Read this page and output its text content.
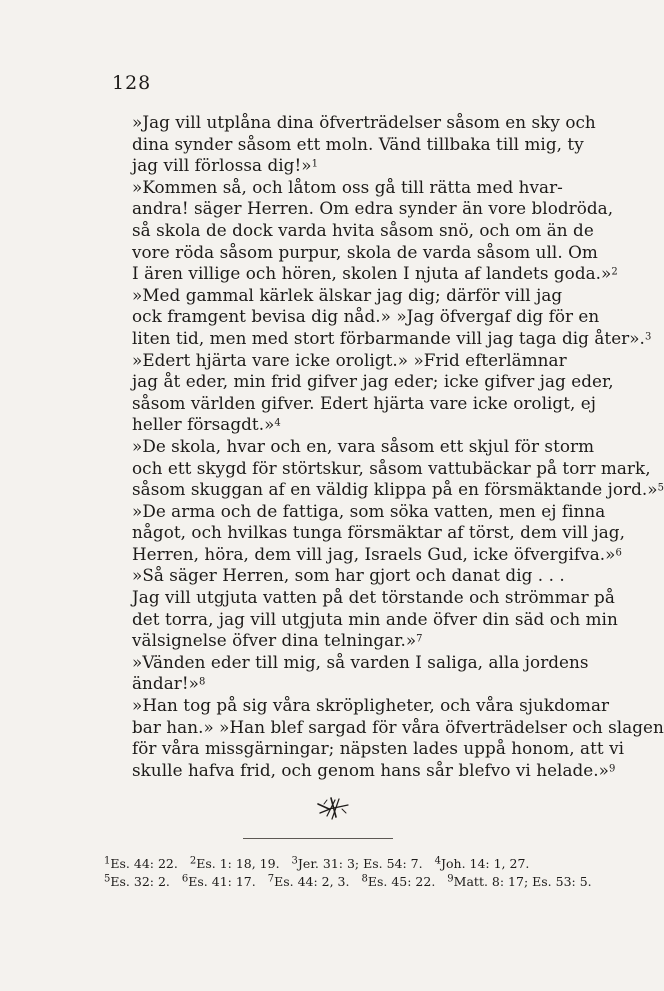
128

»Jag vill utplåna dina öfverträdelser såsom en sky och
dina synder såsom ett moln. Vänd tillbaka till mig, ty
jag vill förlossa dig!»$^1$

»Kommen så, och låtom oss gå till rätta med hvar-
andra! säger Herren. Om edra synder än vore blodröda,
så skola de dock varda hvita såsom snö, och om än de
vore röda såsom purpur, skola de varda såsom ull. Om
I ären villige och hören, skolen I njuta af landets goda.»$^2$

»Med gammal kärlek älskar jag dig; därför vill jag
ock framgent bevisa dig nåd.» »Jag öfvergaf dig för en
liten tid, men med stort förbarmande vill jag taga dig åter».$^3$

»Edert hjärta vare icke oroligt.» »Frid efterlämnar
jag åt eder, min frid gifver jag eder; icke gifver jag eder,
såsom världen gifver. Edert hjärta vare icke oroligt, ej
heller försagdt.»$^4$

»De skola, hvar och en, vara såsom ett skjul för storm
och ett skygd för störtskur, såsom vattubäckar på torr mark,
såsom skuggan af en väldig klippa på en försmäktande jord.»$^5$

»De arma och de fattiga, som söka vatten, men ej finna
något, och hvilkas tunga försmäktar af törst, dem vill jag,
Herren, höra, dem vill jag, Israels Gud, icke öfvergifva.»$^6$

»Så säger Herren, som har gjort och danat dig . . .
Jag vill utgjuta vatten på det törstande och strömmar på
det torra, jag vill utgjuta min ande öfver din säd och min
välsignelse öfver dina telningar.»$^7$

»Vänden eder till mig, så varden I saliga, alla jordens
ändar!»$^8$

»Han tog på sig våra skröpligheter, och våra sjukdomar
bar han.» »Han blef sargad för våra öfverträdelser och slagen
för våra missgärningar; näpsten lades uppå honom, att vi
skulle hafva frid, och genom hans sår blefvo vi helade.»$^9$

$^1$Es. 44: 22. $^2$Es. 1: 18, 19. $^3$Jer. 31: 3; Es. 54: 7. $^4$Joh. 14: 1, 27.
$^5$Es. 32: 2. $^6$Es. 41: 17. $^7$Es. 44: 2, 3. $^8$Es. 45: 22. $^9$Matt. 8: 17; Es. 53: 5.
